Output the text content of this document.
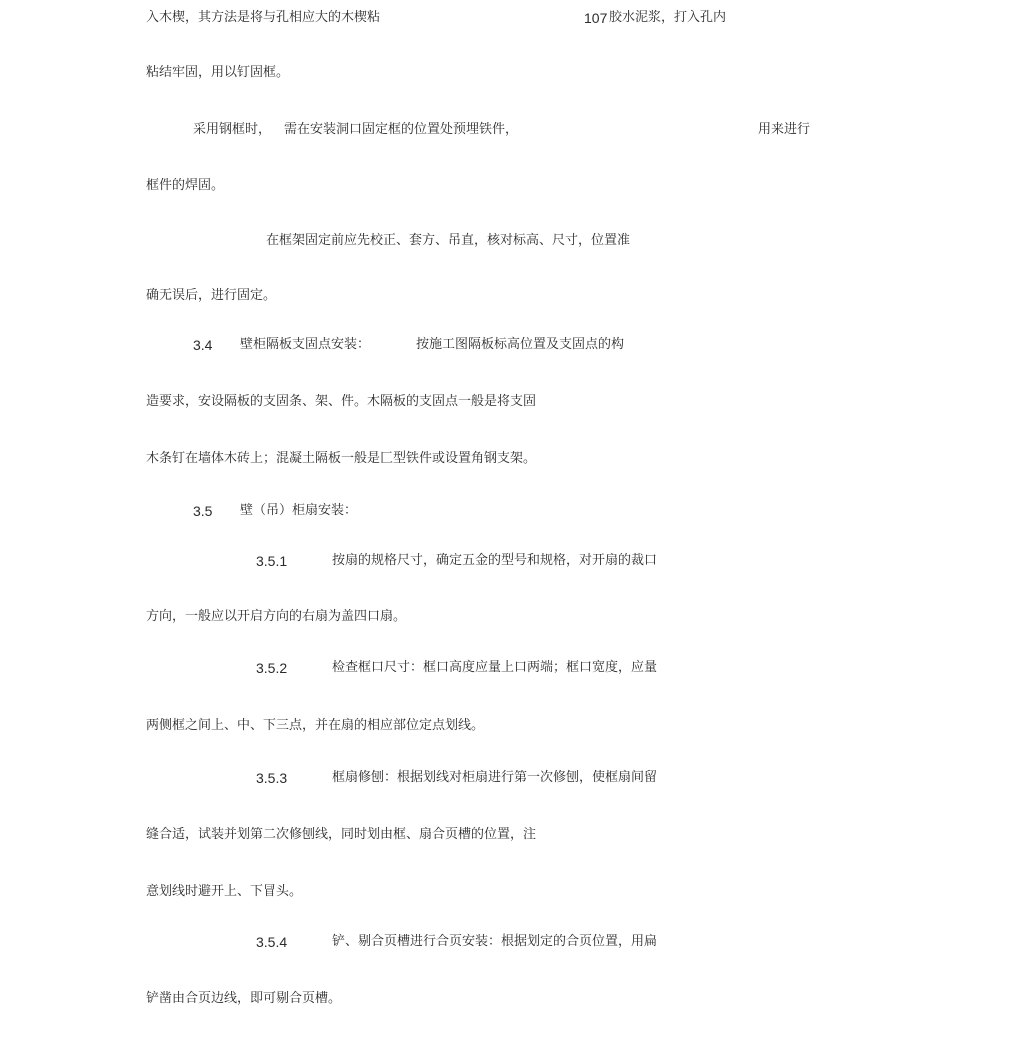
入木楔，其方法是将与孔相应大的木楔粘	107 胶水泥浆，打入孔内
粘结牢固，用以钉固框。
采用钢框时， 需在安装洞口固定框的位置处预埋铁件，	用来进行
框件的焊固。
在框架固定前应先校正、套方、吊直，核对标高、尺寸，位置准
确无误后，进行固定。
3.4 壁柜隔板支固点安装：	按施工图隔板标高位置及支固点的构
造要求，安设隔板的支固条、架、件。木隔板的支固点一般是将支固
木条钉在墙体木砖上；混凝土隔板一般是匚型铁件或设置角钢支架。
3.5 壁（吊）柜扇安装：
3.5.1	按扇的规格尺寸，确定五金的型号和规格，对开扇的裁口
方向，一般应以开启方向的右扇为盖四口扇。
3.5.2	检查框口尺寸：框口高度应量上口两端；框口宽度，应量
两侧框之间上、中、下三点，并在扇的相应部位定点划线。
3.5.3	框扇修刨：根据划线对柜扇进行第一次修刨，使框扇间留
缝合适，试装并划第二次修刨线，同时划由框、扇合页槽的位置，注
意划线时避开上、下冒头。
3.5.4	铲、剔合页槽进行合页安装：根据划定的合页位置，用扁
铲凿由合页边线，即可剔合页槽。
